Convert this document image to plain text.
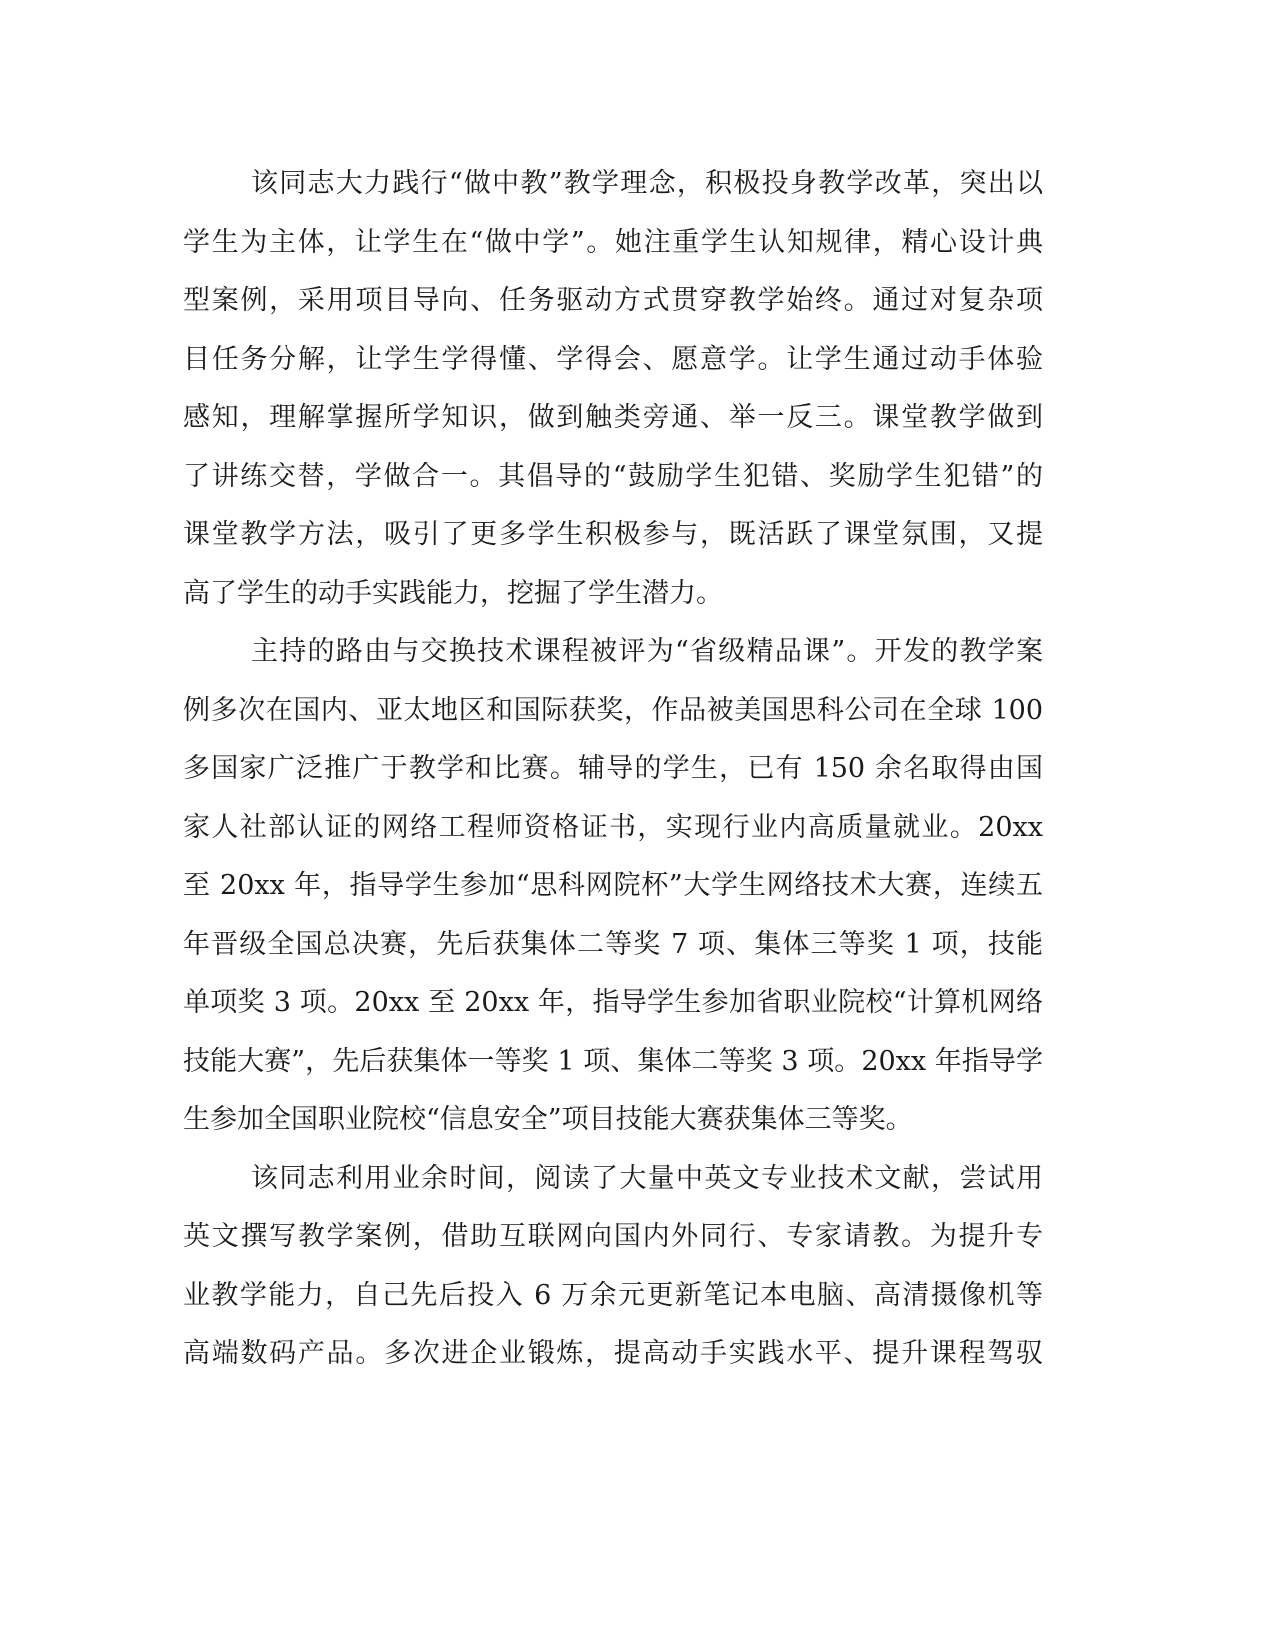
该同志大力践行“做中教”教学理念，积极投身教学改革，突出以
学生为主体，让学生在“做中学”。她注重学生认知规律，精心设计典
型案例，采用项目导向、任务驱动方式贯穿教学始终。通过对复杂项
目任务分解，让学生学得懂、学得会、愿意学。让学生通过动手体验
感知，理解掌握所学知识，做到触类旁通、举一反三。课堂教学做到
了讲练交替，学做合一。其倡导的“鼓励学生犯错、奖励学生犯错”的
课堂教学方法，吸引了更多学生积极参与，既活跃了课堂氛围，又提
高了学生的动手实践能力，挖掘了学生潜力。
主持的路由与交换技术课程被评为“省级精品课”。开发的教学案
例多次在国内、亚太地区和国际获奖，作品被美国思科公司在全球 100
多国家广泛推广于教学和比赛。辅导的学生，已有 150 余名取得由国
家人社部认证的网络工程师资格证书，实现行业内高质量就业。20xx
至 20xx 年，指导学生参加“思科网院杯”大学生网络技术大赛，连续五
年晋级全国总决赛，先后获集体二等奖 7 项、集体三等奖 1 项，技能
单项奖 3 项。20xx 至 20xx 年，指导学生参加省职业院校“计算机网络
技能大赛”，先后获集体一等奖 1 项、集体二等奖 3 项。20xx 年指导学
生参加全国职业院校“信息安全”项目技能大赛获集体三等奖。
该同志利用业余时间，阅读了大量中英文专业技术文献，尝试用
英文撰写教学案例，借助互联网向国内外同行、专家请教。为提升专
业教学能力，自己先后投入 6 万余元更新笔记本电脑、高清摄像机等
高端数码产品。多次进企业锻炼，提高动手实践水平、提升课程驾驭
